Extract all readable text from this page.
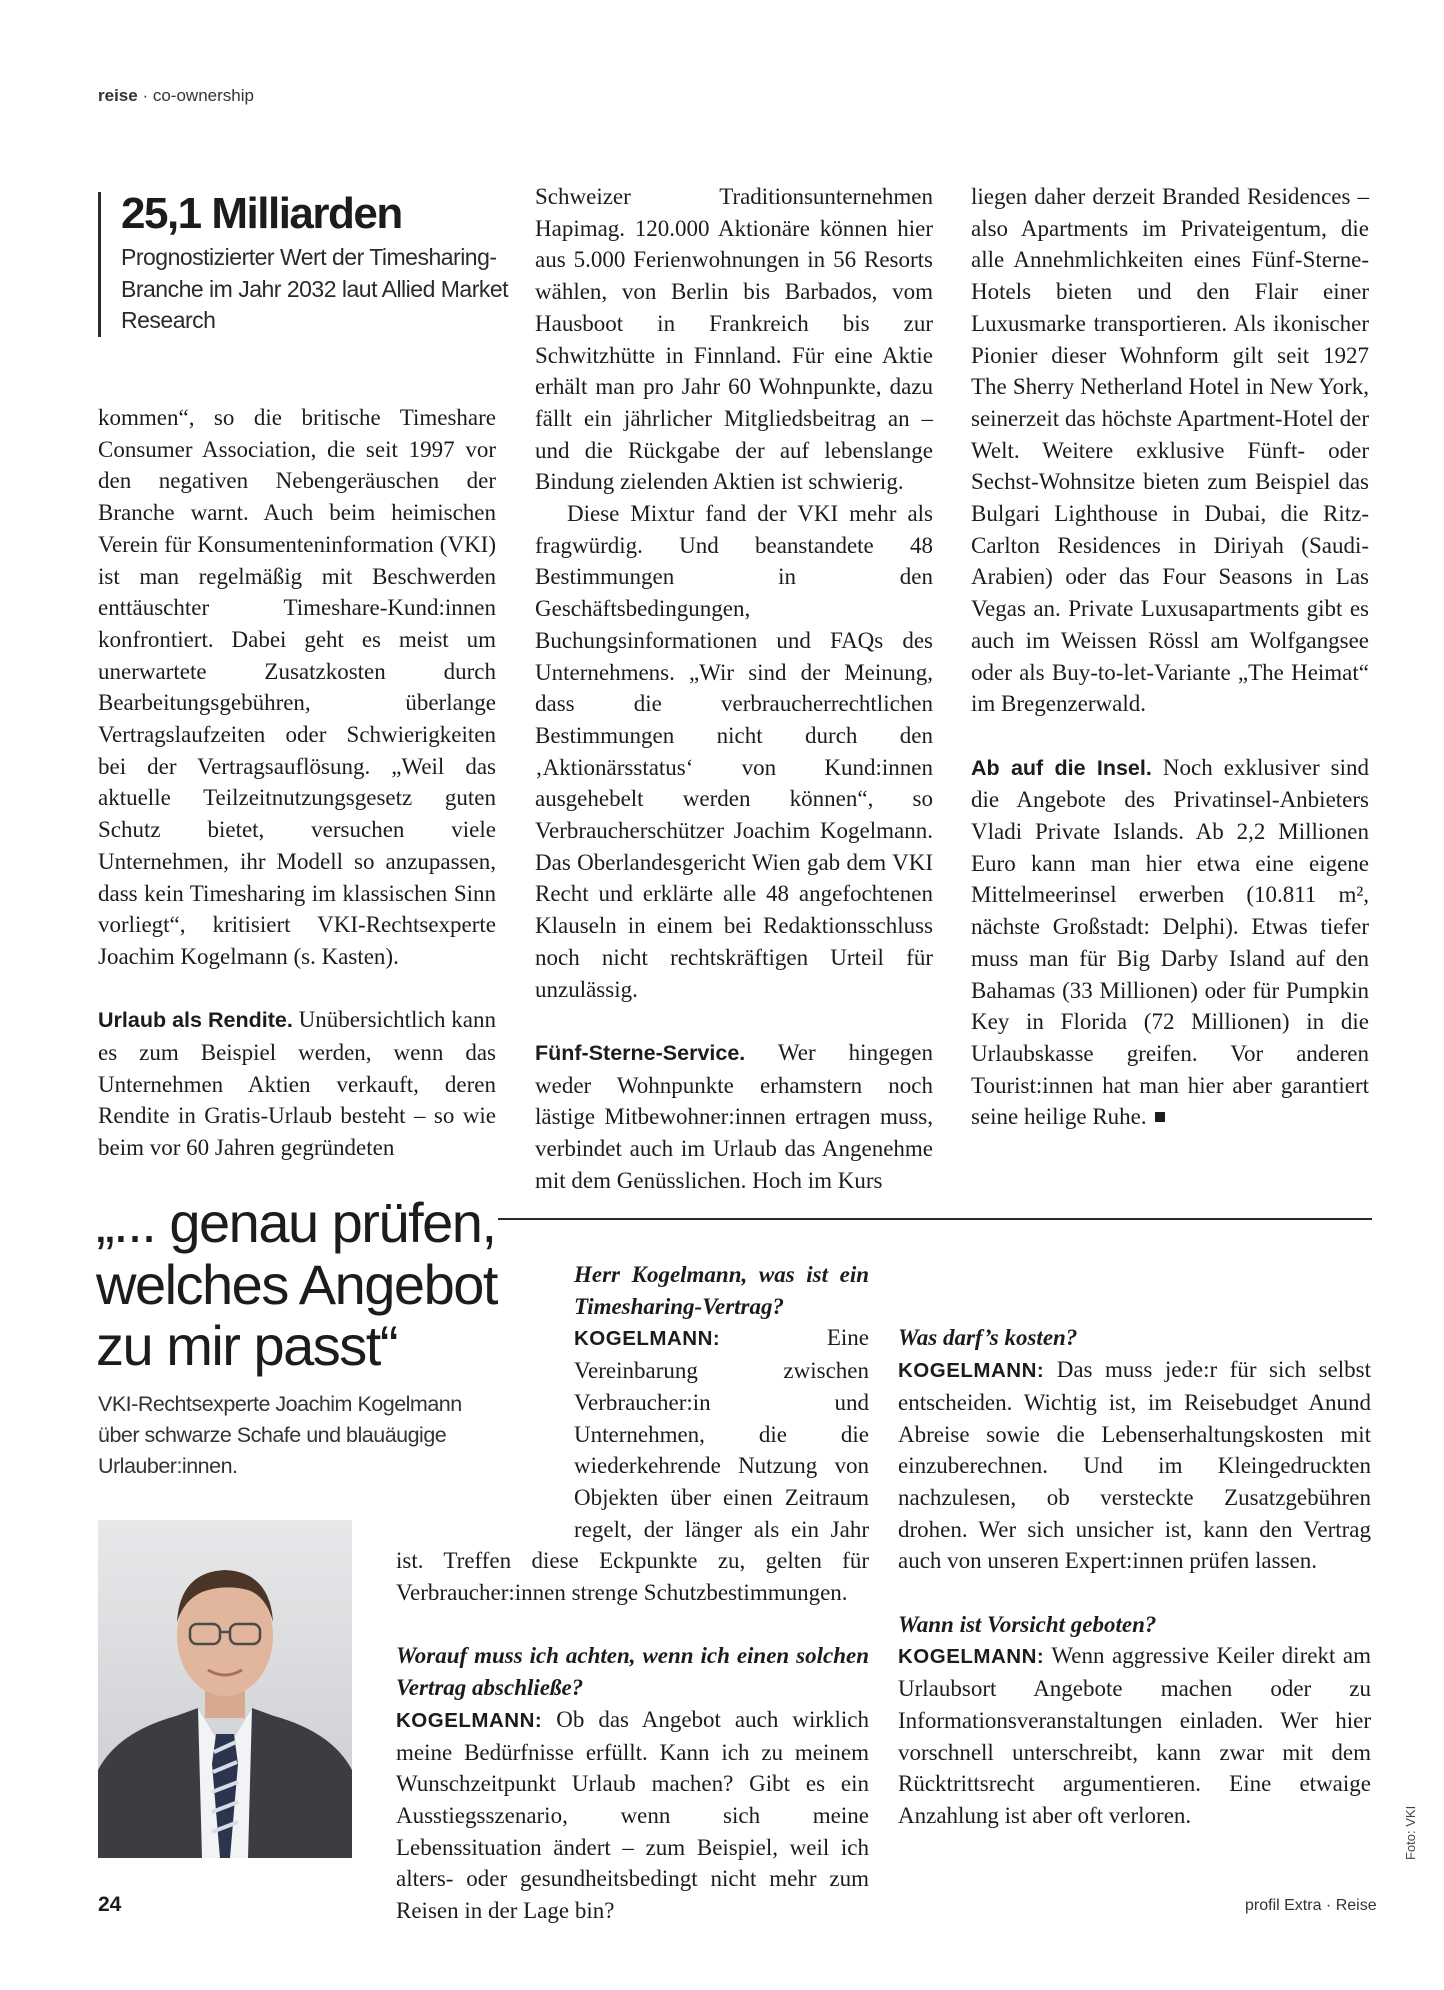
reise · co-ownership
25,1 Milliarden
Prognostizierter Wert der Timesharing-Branche im Jahr 2032 laut Allied Market Research

kommen“, so die britische Timeshare Consumer Association, die seit 1997 vor den negativen Nebengeräuschen der Branche warnt. Auch beim heimischen Verein für Konsumenteninformation (VKI) ist man regelmäßig mit Beschwerden enttäuschter Timeshare-Kund:innen konfrontiert. Dabei geht es meist um unerwartete Zusatzkosten durch Bearbeitungsgebühren, überlange Vertragslaufzeiten oder Schwierigkeiten bei der Vertragsauflösung. „Weil das aktuelle Teilzeitnutzungsgesetz guten Schutz bietet, versuchen viele Unternehmen, ihr Modell so anzupassen, dass kein Timesharing im klassischen Sinn vorliegt“, kritisiert VKI-Rechtsexperte Joachim Kogelmann (s. Kasten).

Urlaub als Rendite. Unübersichtlich kann es zum Beispiel werden, wenn das Unternehmen Aktien verkauft, deren Rendite in Gratis-Urlaub besteht – so wie beim vor 60 Jahren gegründeten

Schweizer Traditionsunternehmen Hapimag. 120.000 Aktionäre können hier aus 5.000 Ferienwohnungen in 56 Resorts wählen, von Berlin bis Barbados, vom Hausboot in Frankreich bis zur Schwitzhütte in Finnland. Für eine Aktie erhält man pro Jahr 60 Wohnpunkte, dazu fällt ein jährlicher Mitgliedsbeitrag an – und die Rückgabe der auf lebenslange Bindung zielenden Aktien ist schwierig.

Diese Mixtur fand der VKI mehr als fragwürdig. Und beanstandete 48 Bestimmungen in den Geschäftsbedingungen, Buchungsinformationen und FAQs des Unternehmens. „Wir sind der Meinung, dass die verbraucherrechtlichen Bestimmungen nicht durch den ‚Aktionärsstatus‘ von Kund:innen ausgehebelt werden können“, so Verbraucherschützer Joachim Kogelmann. Das Oberlandesgericht Wien gab dem VKI Recht und erklärte alle 48 angefochtenen Klauseln in einem bei Redaktionsschluss noch nicht rechtskräftigen Urteil für unzulässig.

Fünf-Sterne-Service. Wer hingegen weder Wohnpunkte erhamstern noch lästige Mitbewohner:innen ertragen muss, verbindet auch im Urlaub das Angenehme mit dem Genüsslichen. Hoch im Kurs

liegen daher derzeit Branded Residences – also Apartments im Privateigentum, die alle Annehmlichkeiten eines Fünf-Sterne-Hotels bieten und den Flair einer Luxusmarke transportieren. Als ikonischer Pionier dieser Wohnform gilt seit 1927 The Sherry Netherland Hotel in New York, seinerzeit das höchste Apartment-Hotel der Welt. Weitere exklusive Fünft- oder Sechst-Wohnsitze bieten zum Beispiel das Bulgari Lighthouse in Dubai, die Ritz-Carlton Residences in Diriyah (Saudi-Arabien) oder das Four Seasons in Las Vegas an. Private Luxusapartments gibt es auch im Weissen Rössl am Wolfgangsee oder als Buy-to-let-Variante „The Heimat“ im Bregenzerwald.

Ab auf die Insel. Noch exklusiver sind die Angebote des Privatinsel-Anbieters Vladi Private Islands. Ab 2,2 Millionen Euro kann man hier etwa eine eigene Mittelmeerinsel erwerben (10.811 m², nächste Großstadt: Delphi). Etwas tiefer muss man für Big Darby Island auf den Bahamas (33 Millionen) oder für Pumpkin Key in Florida (72 Millionen) in die Urlaubskasse greifen. Vor anderen Tourist:innen hat man hier aber garantiert seine heilige Ruhe.

„... genau prüfen, welches Angebot zu mir passt“
VKI-Rechtsexperte Joachim Kogelmann über schwarze Schafe und blauäugige Urlauber:innen.

Herr Kogelmann, was ist ein Timesharing-Vertrag?

KOGELMANN:	Eine Vereinbarung zwischen Verbraucher:in und Unternehmen, die die wiederkehrende Nutzung von Objekten über einen Zeitraum regelt, der länger als ein Jahr ist. Treffen diese Eckpunkte zu, gelten für Verbraucher:innen strenge Schutzbestimmungen.

Worauf muss ich achten, wenn ich einen solchen Vertrag abschließe?

KOGELMANN: Ob das Angebot auch wirklich meine Bedürfnisse erfüllt. Kann ich zu meinem Wunschzeitpunkt Urlaub machen? Gibt es ein Ausstiegsszenario, wenn sich meine Lebenssituation ändert – zum Beispiel, weil ich alters- oder gesundheitsbedingt nicht mehr zum Reisen in der Lage bin?

Was darf’s kosten?

KOGELMANN: Das muss jede:r für sich selbst entscheiden. Wichtig ist, im Reisebudget Anund Abreise sowie die Lebenserhaltungskosten mit einzuberechnen. Und im Kleingedruckten nachzulesen, ob versteckte Zusatzgebühren drohen. Wer sich unsicher ist, kann den Vertrag auch von unseren Expert:innen prüfen lassen.

Wann ist Vorsicht geboten?

KOGELMANN: Wenn aggressive Keiler direkt am Urlaubsort Angebote machen oder zu Informationsveranstaltungen einladen. Wer hier vorschnell unterschreibt, kann zwar mit dem Rücktrittsrecht argumentieren. Eine etwaige Anzahlung ist aber oft verloren.	Foto: VKI
24	profil Extra · Reise
